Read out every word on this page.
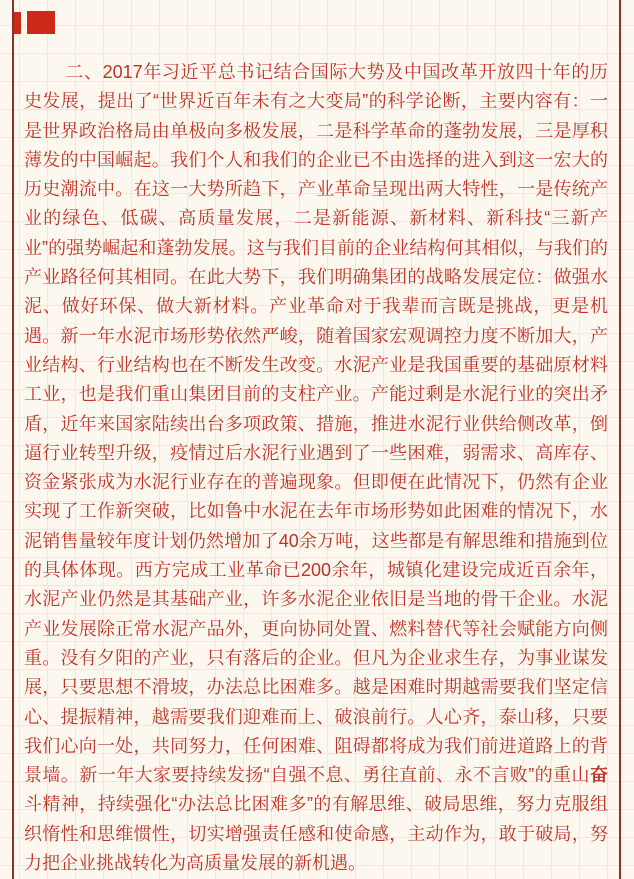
二、2017年习近平总书记结合国际大势及中国改革开放四十年的历史发展，提出了“世界近百年未有之大变局”的科学论断，主要内容有：一是世界政治格局由单极向多极发展，二是科学革命的蓬勃发展，三是厚积薄发的中国崛起。我们个人和我们的企业已不由选择的进入到这一宏大的历史潮流中。在这一大势所趋下，产业革命呈现出两大特性，一是传统产业的绿色、低碳、高质量发展，二是新能源、新材料、新科技“三新产业”的强势崛起和蓬勃发展。这与我们目前的企业结构何其相似，与我们的产业路径何其相同。在此大势下，我们明确集团的战略发展定位：做强水泥、做好环保、做大新材料。产业革命对于我辈而言既是挑战，更是机遇。新一年水泥市场形势依然严峻，随着国家宏观调控力度不断加大，产业结构、行业结构也在不断发生改变。水泥产业是我国重要的基础原材料工业，也是我们重山集团目前的支柱产业。产能过剩是水泥行业的突出矛盾，近年来国家陆续出台多项政策、措施，推进水泥行业供给侧改革，倒逼行业转型升级，疫情过后水泥行业遇到了一些困难，弱需求、高库存、资金紧张成为水泥行业存在的普遍现象。但即便在此情况下，仍然有企业实现了工作新突破，比如鲁中水泥在去年市场形势如此困难的情况下，水泥销售量较年度计划仍然增加了40余万吨，这些都是有解思维和措施到位的具体体现。西方完成工业革命已200余年，城镇化建设完成近百余年，水泥产业仍然是其基础产业，许多水泥企业依旧是当地的骨干企业。水泥产业发展除正常水泥产品外，更向协同处置、燃料替代等社会赋能方向侧重。没有夕阳的产业，只有落后的企业。但凡为企业求生存，为事业谋发展，只要思想不滑坡，办法总比困难多。越是困难时期越需要我们坚定信心、提振精神，越需要我们迎难而上、破浪前行。人心齐，泰山移，只要我们心向一处，共同努力，任何困难、阻碍都将成为我们前进道路上的背景墙。新一年大家要持续发扬“自强不息、勇往直前、永不言败”的重山奋斗精神，持续强化“办法总比困难多”的有解思维、破局思维，努力克服组织惰性和思维惯性，切实增强责任感和使命感，主动作为，敢于破局，努力把企业挑战转化为高质量发展的新机遇。
